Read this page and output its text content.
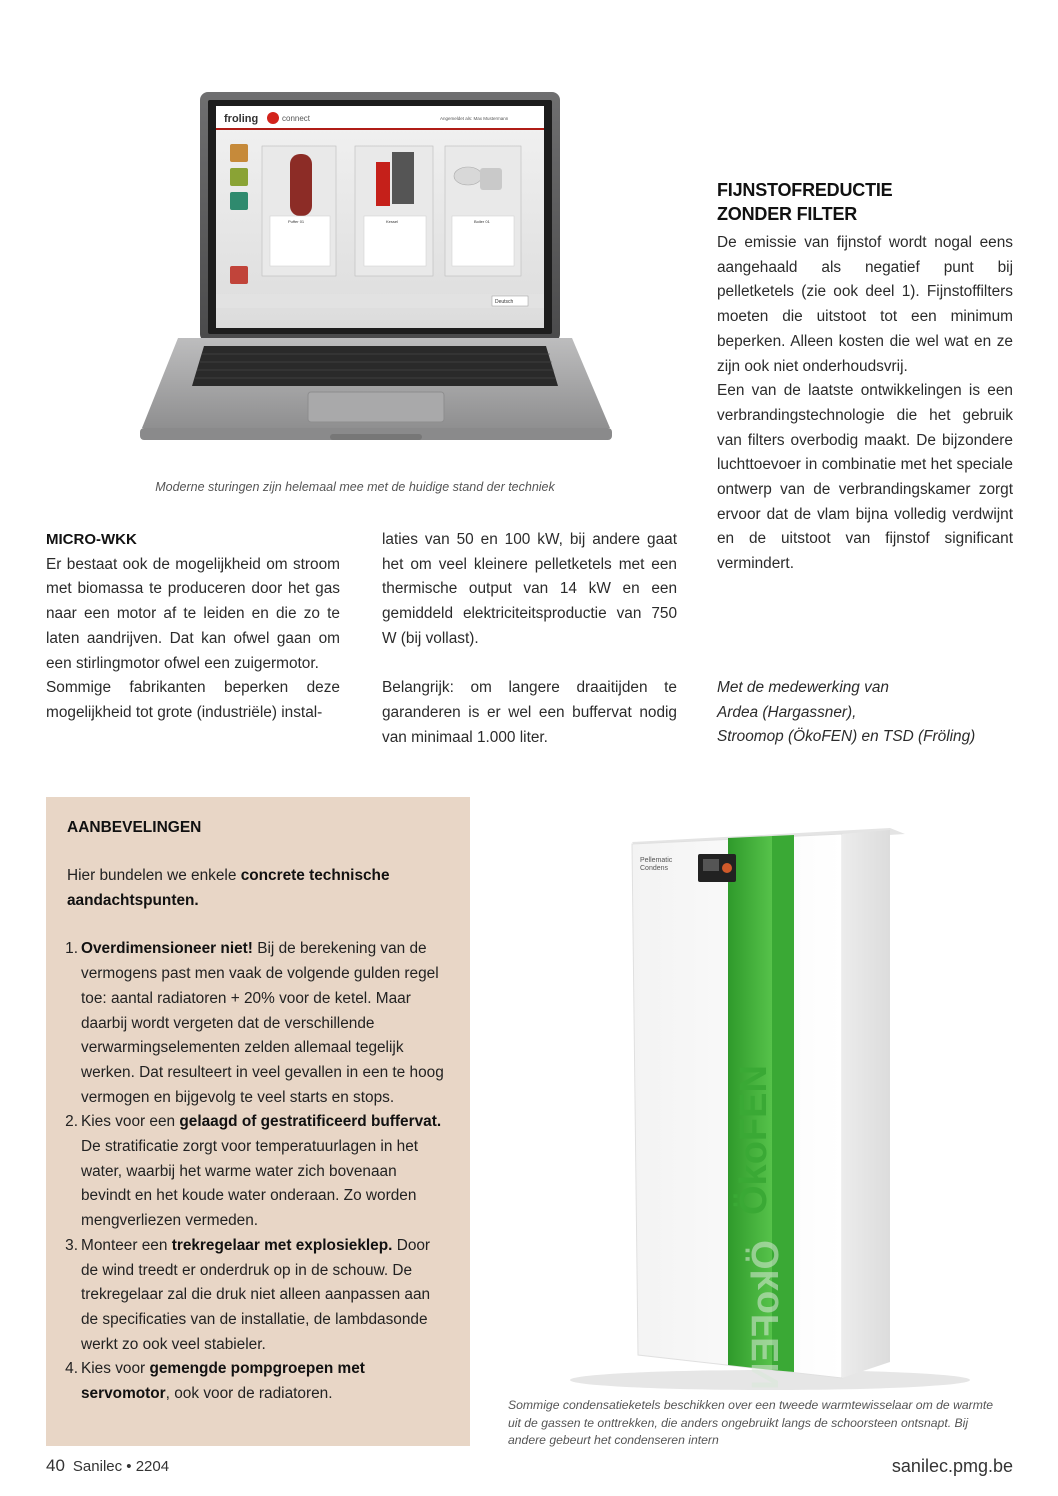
froling	connect	Angemeldet als: Max Mustermann
Puffer 01	Kessel	Boiler 01
Deutsch
Moderne sturingen zijn helemaal mee met de huidige stand der techniek
MICRO-WKK

Er bestaat ook de mogelijkheid om stroom met biomassa te produceren door het gas naar een motor af te leiden en die zo te laten aandrijven. Dat kan ofwel gaan om een stirlingmotor ofwel een zuigermotor.

Sommige fabrikanten beperken deze mogelijkheid tot grote (industriële) instal-

laties van 50 en 100 kW, bij andere gaat het om veel kleinere pelletketels met een thermische output van 14 kW en een gemiddeld elektriciteitsproductie van 750 W (bij vollast).

Belangrijk: om langere draaitijden te garanderen is er wel een buffervat nodig van minimaal 1.000 liter.

FIJNSTOFREDUCTIE
ZONDER FILTER

De emissie van fijnstof wordt nogal eens aangehaald als negatief punt bij pelletketels (zie ook deel 1). Fijnstoffilters moeten die uitstoot tot een minimum beperken. Alleen kosten die wel wat en ze zijn ook niet onderhoudsvrij.

Een van de laatste ontwikkelingen is een verbrandingstechnologie die het gebruik van filters overbodig maakt. De bijzondere luchttoevoer in combinatie met het speciale ontwerp van de verbrandingskamer zorgt ervoor dat de vlam bijna volledig verdwijnt en de uitstoot van fijnstof significant vermindert.

Met de medewerking van
Ardea (Hargassner),
Stroomop (ÖkoFEN) en TSD (Fröling)
AANBEVELINGEN
Hier bundelen we enkele concrete technische aandachtspunten.
1. Overdimensioneer niet! Bij de berekening van de vermogens past men vaak de volgende gulden regel toe: aantal radiatoren + 20% voor de ketel. Maar daarbij wordt vergeten dat de verschillende verwarmingselementen zelden allemaal tegelijk werken. Dat resulteert in veel gevallen in een te hoog vermogen en bijgevolg te veel starts en stops.
2. Kies voor een gelaagd of gestratificeerd buffervat. De stratificatie zorgt voor temperatuurlagen in het water, waarbij het warme water zich bovenaan bevindt en het koude water onderaan. Zo worden mengverliezen vermeden.
3. Monteer een trekregelaar met explosieklep. Door de wind treedt er onderdruk op in de schouw. De trekregelaar zal die druk niet alleen aanpassen aan de specificaties van de installatie, de lambdasonde werkt zo ook veel stabieler.
4. Kies voor gemengde pompgroepen met servomotor, ook voor de radiatoren.
Pellematic
Condens
ÖkoFEN
ÖkoFEN
Sommige condensatieketels beschikken over een tweede warmtewisselaar om de warmte uit de gassen te onttrekken, die anders ongebruikt langs de schoorsteen ontsnapt. Bij andere gebeurt het condenseren intern
40 Sanilec • 2204	sanilec.pmg.be
